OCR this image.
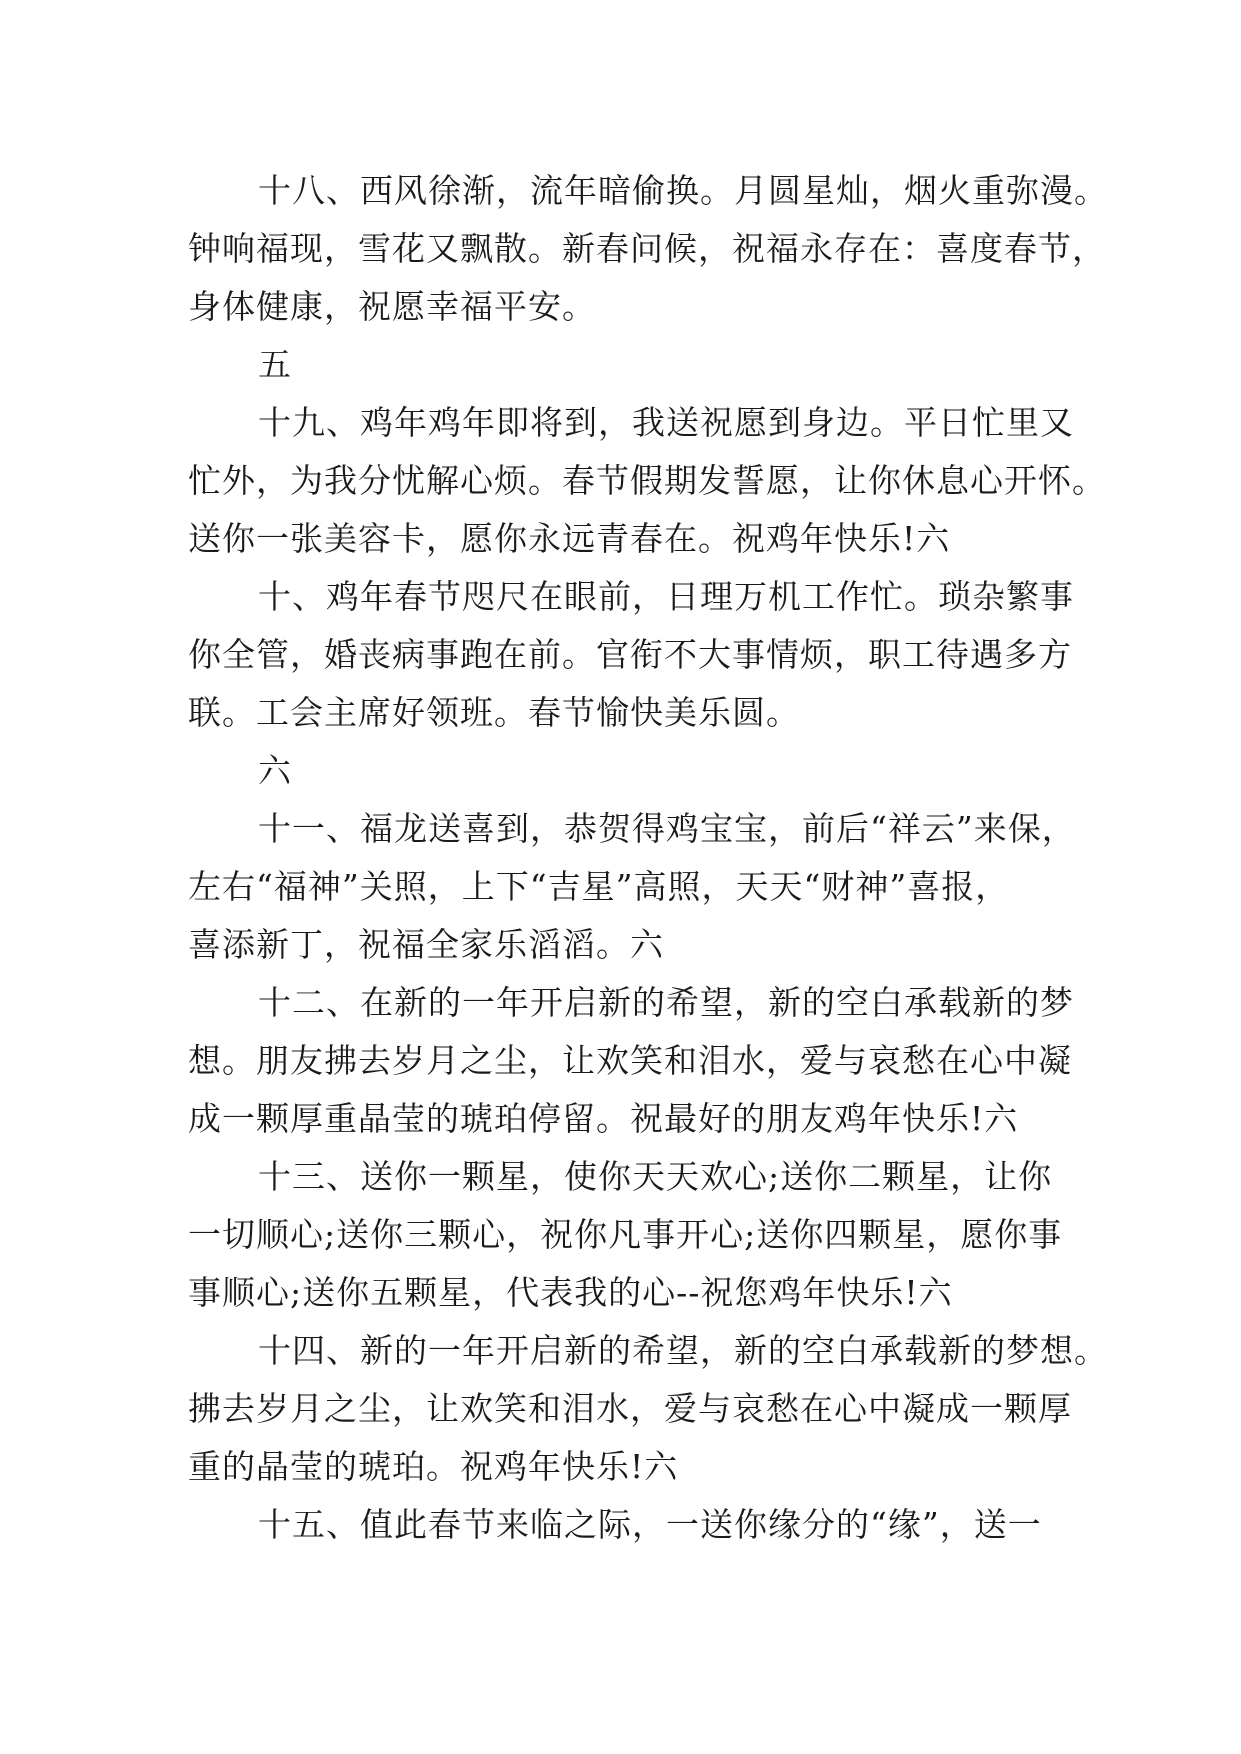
十八、西风徐渐，流年暗偷换。月圆星灿，烟火重弥漫。
钟响福现，雪花又飘散。新春问候，祝福永存在：喜度春节，
身体健康，祝愿幸福平安。

五

十九、鸡年鸡年即将到，我送祝愿到身边。平日忙里又
忙外，为我分忧解心烦。春节假期发誓愿，让你休息心开怀。
送你一张美容卡，愿你永远青春在。祝鸡年快乐!六

十、鸡年春节咫尺在眼前，日理万机工作忙。琐杂繁事
你全管，婚丧病事跑在前。官衔不大事情烦，职工待遇多方
联。工会主席好领班。春节愉快美乐圆。

六

十一、福龙送喜到，恭贺得鸡宝宝，前后“祥云”来保，
左右“福神”关照，上下“吉星”高照，天天“财神”喜报，
喜添新丁，祝福全家乐滔滔。六

十二、在新的一年开启新的希望，新的空白承载新的梦
想。朋友拂去岁月之尘，让欢笑和泪水，爱与哀愁在心中凝
成一颗厚重晶莹的琥珀停留。祝最好的朋友鸡年快乐!六

十三、送你一颗星，使你天天欢心;送你二颗星，让你
一切顺心;送你三颗心，祝你凡事开心;送你四颗星，愿你事
事顺心;送你五颗星，代表我的心--祝您鸡年快乐!六

十四、新的一年开启新的希望，新的空白承载新的梦想。
拂去岁月之尘，让欢笑和泪水，爱与哀愁在心中凝成一颗厚
重的晶莹的琥珀。祝鸡年快乐!六

十五、值此春节来临之际，一送你缘分的“缘”，送一
